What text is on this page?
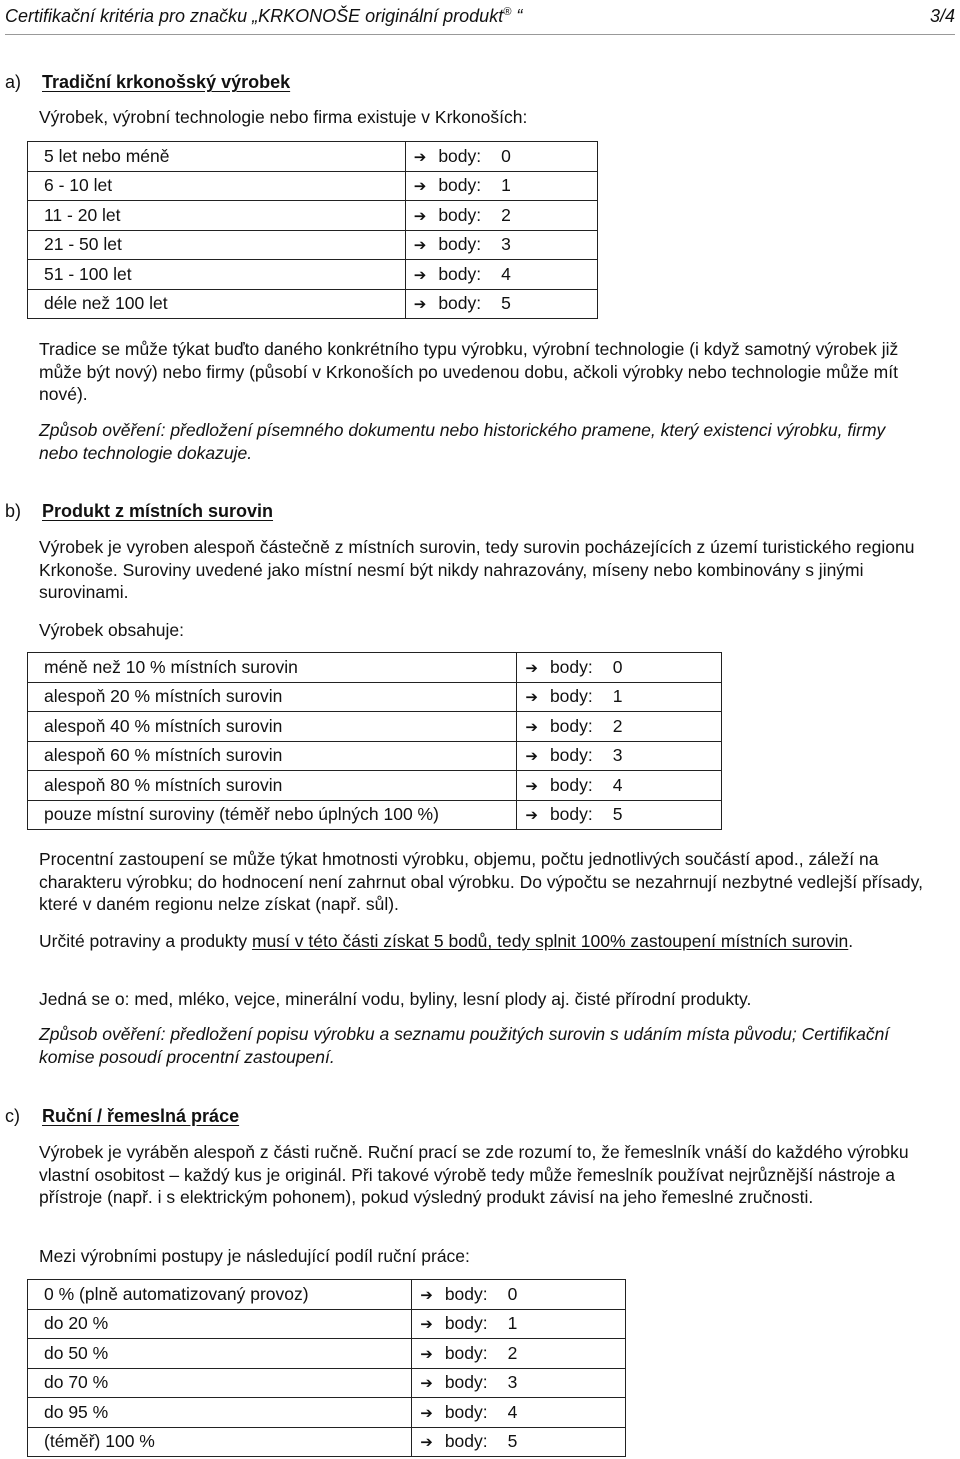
Certifikační kritéria pro značku „KRKONOŠE originální produkt® “	3/4
a) Tradiční krkonošský výrobek

Výrobek, výrobní technologie nebo firma existuje v Krkonoších:

5 let nebo méně	➔ body: 0
6 - 10 let	➔ body: 1
11 - 20 let	➔ body: 2
21 - 50 let	➔ body: 3
51 - 100 let	➔ body: 4
déle než 100 let	➔ body: 5

Tradice se může týkat buďto daného konkrétního typu výrobku, výrobní technologie (i když samotný výrobek již může být nový) nebo firmy (působí v Krkonoších po uvedenou dobu, ačkoli výrobky nebo technologie může mít nové).

Způsob ověření: předložení písemného dokumentu nebo historického pramene, který existenci výrobku, firmy nebo technologie dokazuje.

b) Produkt z místních surovin

Výrobek je vyroben alespoň částečně z místních surovin, tedy surovin pocházejících z území turistického regionu Krkonoše. Suroviny uvedené jako místní nesmí být nikdy nahrazovány, míseny nebo kombinovány s jinými surovinami.

Výrobek obsahuje:

méně než 10 % místních surovin	➔ body: 0
alespoň 20 % místních surovin	➔ body: 1
alespoň 40 % místních surovin	➔ body: 2
alespoň 60 % místních surovin	➔ body: 3
alespoň 80 % místních surovin	➔ body: 4
pouze místní suroviny (téměř nebo úplných 100 %)	➔ body: 5

Procentní zastoupení se může týkat hmotnosti výrobku, objemu, počtu jednotlivých součástí apod., záleží na charakteru výrobku; do hodnocení není zahrnut obal výrobku. Do výpočtu se nezahrnují nezbytné vedlejší přísady, které v daném regionu nelze získat (např. sůl).

Určité potraviny a produkty musí v této části získat 5 bodů, tedy splnit 100% zastoupení místních surovin.

Jedná se o: med, mléko, vejce, minerální vodu, byliny, lesní plody aj. čisté přírodní produkty.

Způsob ověření: předložení popisu výrobku a seznamu použitých surovin s udáním místa původu; Certifikační komise posoudí procentní zastoupení.

c) Ruční / řemeslná práce

Výrobek je vyráběn alespoň z části ručně. Ruční prací se zde rozumí to, že řemeslník vnáší do každého výrobku vlastní osobitost – každý kus je originál. Při takové výrobě tedy může řemeslník používat nejrůznější nástroje a přístroje (např. i s elektrickým pohonem), pokud výsledný produkt závisí na jeho řemeslné zručnosti.

Mezi výrobními postupy je následující podíl ruční práce:

0 % (plně automatizovaný provoz)	➔ body: 0
do 20 %	➔ body: 1
do 50 %	➔ body: 2
do 70 %	➔ body: 3
do 95 %	➔ body: 4
(téměř) 100 %	➔ body: 5
